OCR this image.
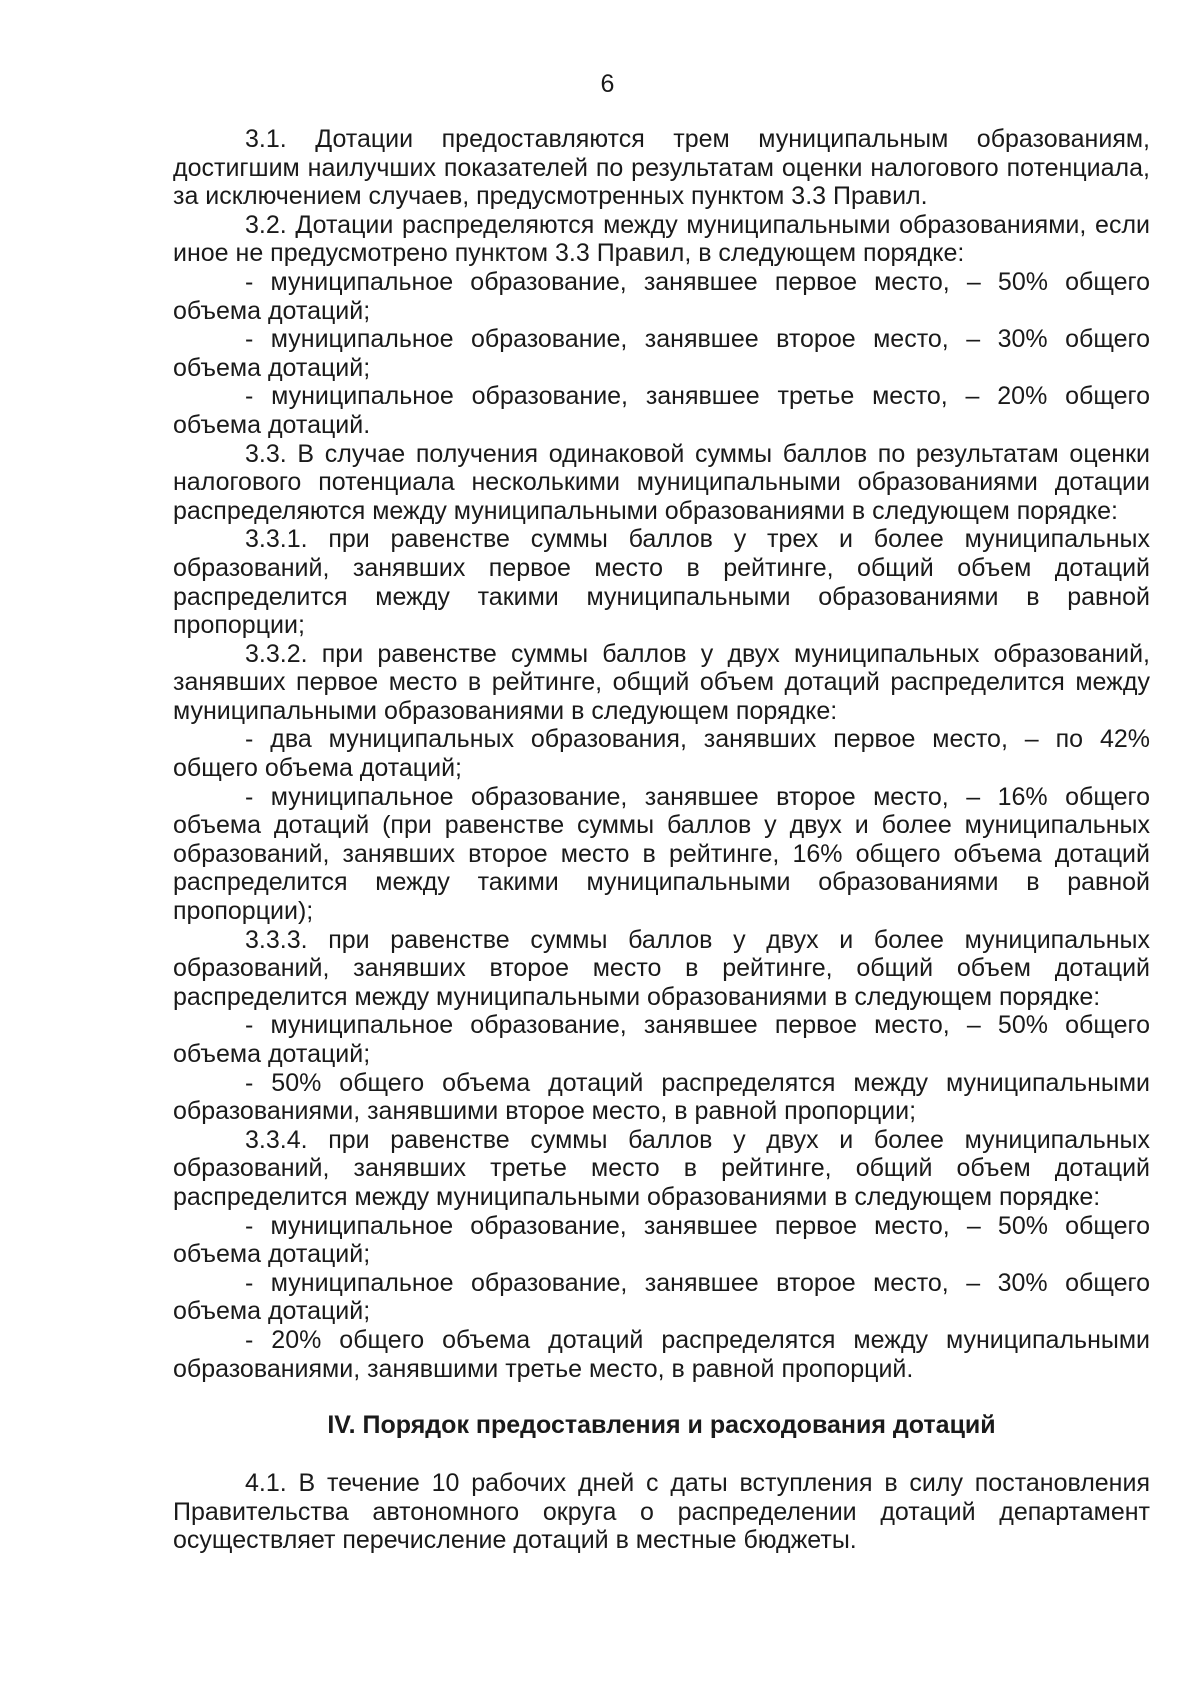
6

3.1. Дотации предоставляются трем муниципальным образованиям, достигшим наилучших показателей по результатам оценки налогового потенциала, за исключением случаев, предусмотренных пунктом 3.3 Правил.

3.2. Дотации распределяются между муниципальными образованиями, если иное не предусмотрено пунктом 3.3 Правил, в следующем порядке:

- муниципальное образование, занявшее первое место, – 50% общего объема дотаций;

- муниципальное образование, занявшее второе место, – 30% общего объема дотаций;

- муниципальное образование, занявшее третье место, – 20% общего объема дотаций.

3.3. В случае получения одинаковой суммы баллов по результатам оценки налогового потенциала несколькими муниципальными образованиями дотации распределяются между муниципальными образованиями в следующем порядке:

3.3.1. при равенстве суммы баллов у трех и более муниципальных образований, занявших первое место в рейтинге, общий объем дотаций распределится между такими муниципальными образованиями в равной пропорции;

3.3.2. при равенстве суммы баллов у двух муниципальных образований, занявших первое место в рейтинге, общий объем дотаций распределится между муниципальными образованиями в следующем порядке:

- два муниципальных образования, занявших первое место, – по 42% общего объема дотаций;

- муниципальное образование, занявшее второе место, – 16% общего объема дотаций (при равенстве суммы баллов у двух и более муниципальных образований, занявших второе место в рейтинге, 16% общего объема дотаций распределится между такими муниципальными образованиями в равной пропорции);

3.3.3. при равенстве суммы баллов у двух и более муниципальных образований, занявших второе место в рейтинге, общий объем дотаций распределится между муниципальными образованиями в следующем порядке:

- муниципальное образование, занявшее первое место, – 50% общего объема дотаций;

- 50% общего объема дотаций распределятся между муниципальными образованиями, занявшими второе место, в равной пропорции;

3.3.4. при равенстве суммы баллов у двух и более муниципальных образований, занявших третье место в рейтинге, общий объем дотаций распределится между муниципальными образованиями в следующем порядке:

- муниципальное образование, занявшее первое место, – 50% общего объема дотаций;

- муниципальное образование, занявшее второе место, – 30% общего объема дотаций;

- 20% общего объема дотаций распределятся между муниципальными образованиями, занявшими третье место, в равной пропорций.

IV. Порядок предоставления и расходования дотаций

4.1. В течение 10 рабочих дней с даты вступления в силу постановления Правительства автономного округа о распределении дотаций департамент осуществляет перечисление дотаций в местные бюджеты.
